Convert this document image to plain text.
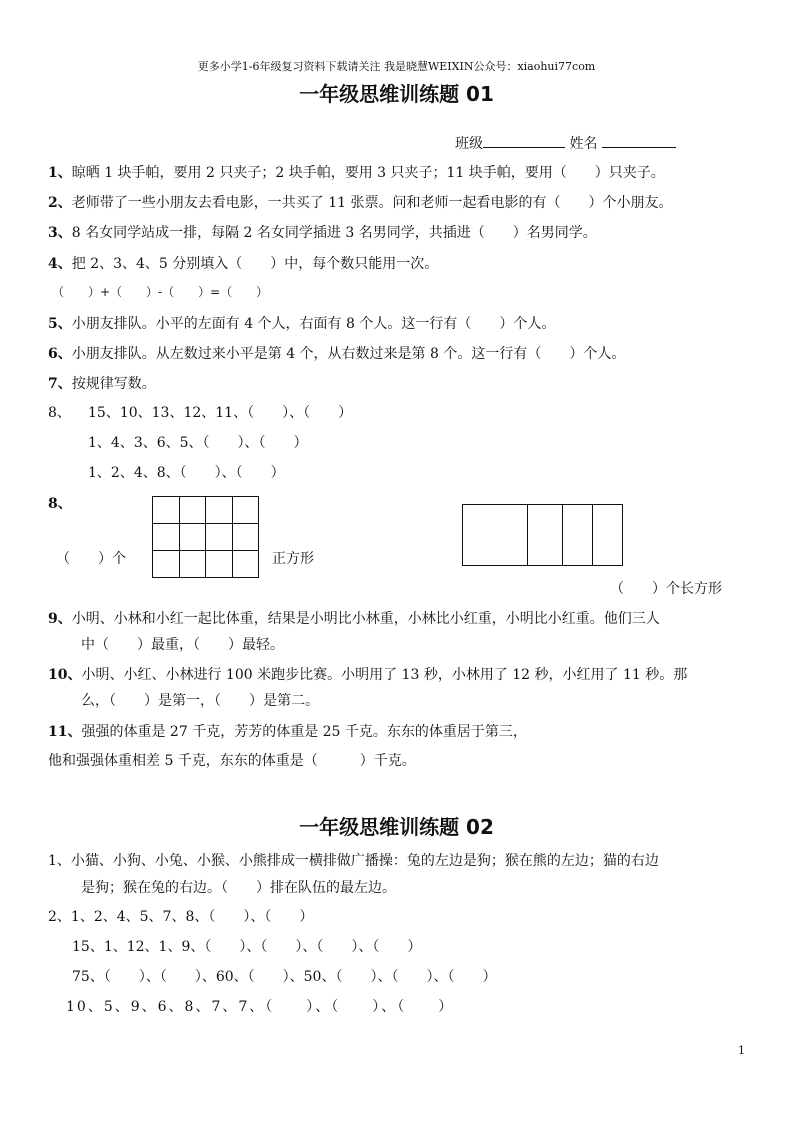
更多小学1-6年级复习资料下载请关注 我是晓慧WEIXIN公众号：xiaohui77com
一年级思维训练题 01
班级	姓名
1、晾晒 1 块手帕，要用 2 只夹子；2 块手帕，要用 3 只夹子；11 块手帕，要用（　　）只夹子。
2、老师带了一些小朋友去看电影，一共买了 11 张票。问和老师一起看电影的有（　　）个小朋友。
3、8 名女同学站成一排，每隔 2 名女同学插进 3 名男同学，共插进（　　）名男同学。
4、把 2、3、4、5 分别填入（　　）中，每个数只能用一次。
（　　）+（　　）-（　　）=（　　）
5、小朋友排队。小平的左面有 4 个人，右面有 8 个人。这一行有（　　）个人。
6、小朋友排队。从左数过来小平是第 4 个，从右数过来是第 8 个。这一行有（　　）个人。
7、按规律写数。
8、 15、10、13、12、11、（　　）、（　　）
1、4、3、6、5、（　　）、（　　）
1、2、4、8、（　　）、（　　）
8、

（　　）个	正方形
（　　）个长方形
9、小明、小林和小红一起比体重，结果是小明比小林重，小林比小红重，小明比小红重。他们三人
中（　　）最重，（　　）最轻。
10、小明、小红、小林进行 100 米跑步比赛。小明用了 13 秒，小林用了 12 秒，小红用了 11 秒。那
么，（　　）是第一，（　　）是第二。
11、强强的体重是 27 千克，芳芳的体重是 25 千克。东东的体重居于第三，
他和强强体重相差 5 千克，东东的体重是（　　　）千克。
一年级思维训练题 02
1、小猫、小狗、小兔、小猴、小熊排成一横排做广播操：兔的左边是狗；猴在熊的左边；猫的右边
是狗；猴在兔的右边。（　　）排在队伍的最左边。
2、1、2、4、5、7、8、（　　）、（　　）
15、1、12、1、9、（　　）、（　　）、（　　）、（　　）
75、（　　）、（　　）、60、（　　）、50、（　　）、（　　）、（　　）
10、5、9、6、8、7、7、（　　）、（　　）、（　　）
1
